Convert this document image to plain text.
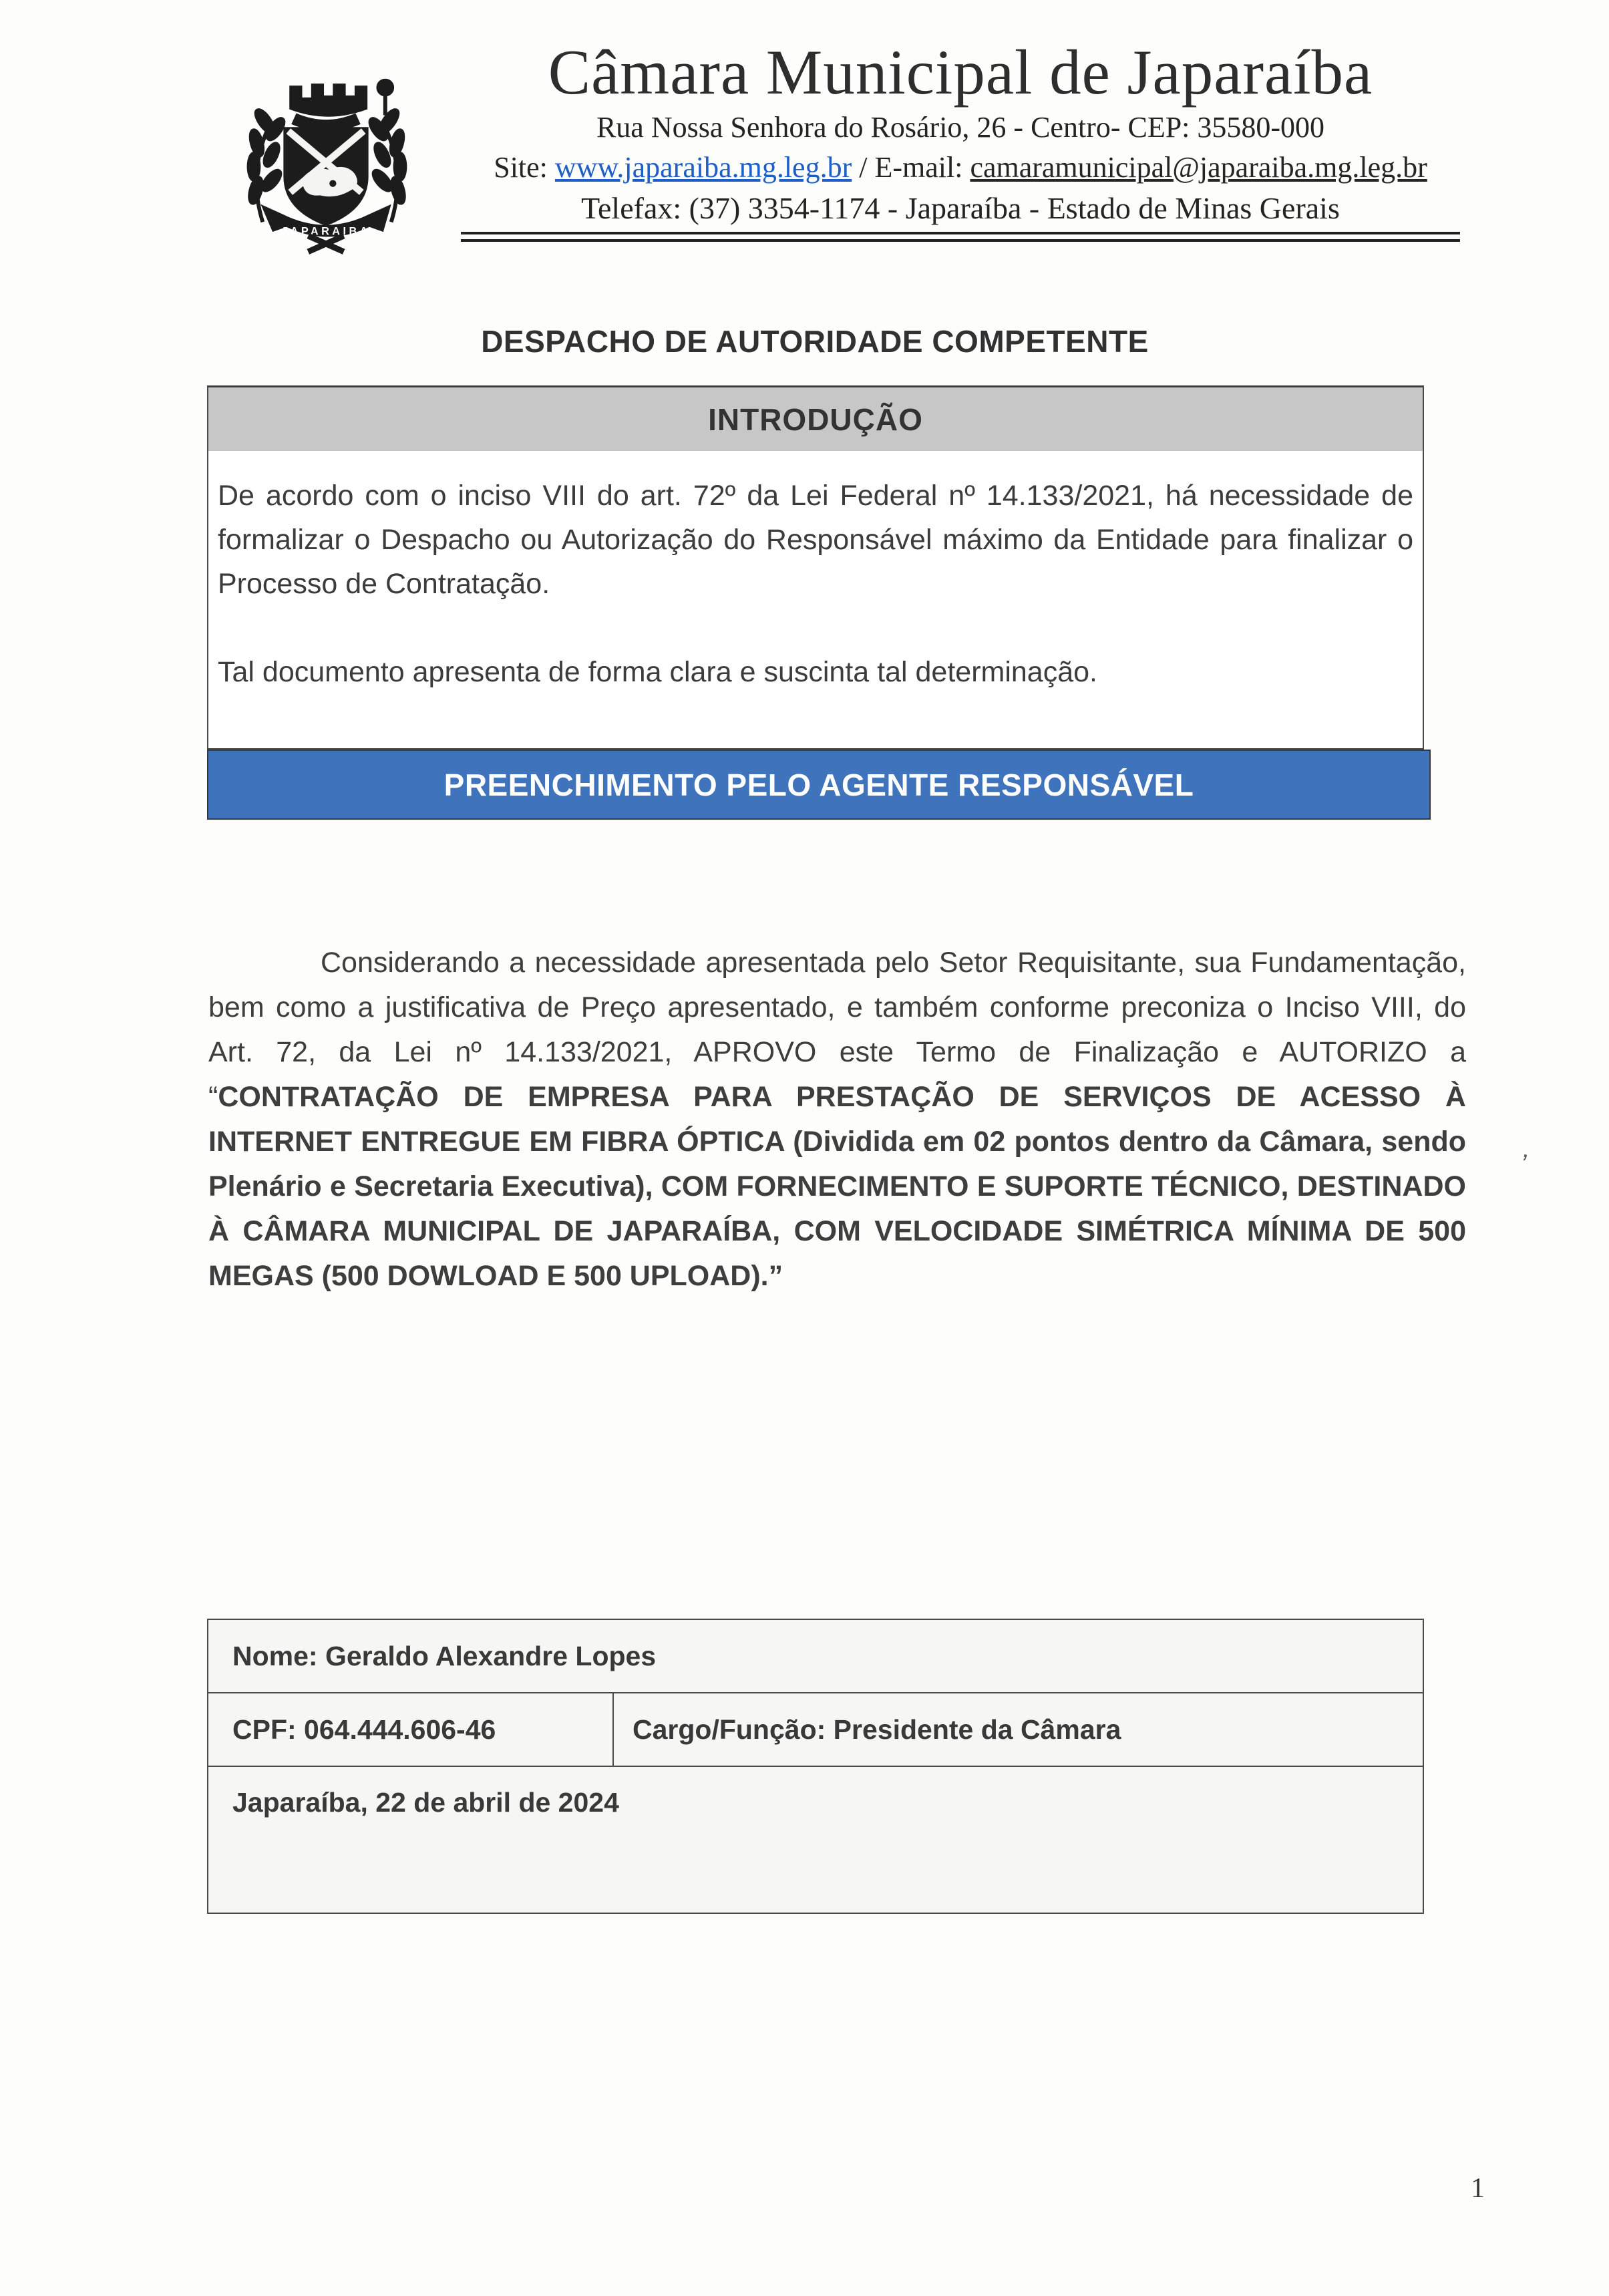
JAPARAIBA
Câmara Municipal de Japaraíba
Rua Nossa Senhora do Rosário, 26 - Centro- CEP: 35580-000
Site: www.japaraiba.mg.leg.br / E-mail: camaramunicipal@japaraiba.mg.leg.br
Telefax: (37) 3354-1174 - Japaraíba - Estado de Minas Gerais
DESPACHO DE AUTORIDADE COMPETENTE
INTRODUÇÃO

De acordo com o inciso VIII do art. 72º da Lei Federal nº 14.133/2021, há necessidade de formalizar o Despacho ou Autorização do Responsável máximo da Entidade para finalizar o Processo de Contratação.

Tal documento apresenta de forma clara e suscinta tal determinação.

PREENCHIMENTO PELO AGENTE RESPONSÁVEL

Considerando a necessidade apresentada pelo Setor Requisitante, sua Fundamentação, bem como a justificativa de Preço apresentado, e também conforme preconiza o Inciso VIII, do Art. 72, da Lei nº 14.133/2021, APROVO este Termo de Finalização e AUTORIZO a “CONTRATAÇÃO DE EMPRESA PARA PRESTAÇÃO DE SERVIÇOS DE ACESSO À INTERNET ENTREGUE EM FIBRA ÓPTICA (Dividida em 02 pontos dentro da Câmara, sendo Plenário e Secretaria Executiva), COM FORNECIMENTO E SUPORTE TÉCNICO, DESTINADO À CÂMARA MUNICIPAL DE JAPARAÍBA, COM VELOCIDADE SIMÉTRICA MÍNIMA DE 500 MEGAS (500 DOWLOAD E 500 UPLOAD).”

ʼ
Nome: Geraldo Alexandre Lopes
CPF: 064.444.606-46	Cargo/Função: Presidente da Câmara
Japaraíba, 22 de abril de 2024
1
